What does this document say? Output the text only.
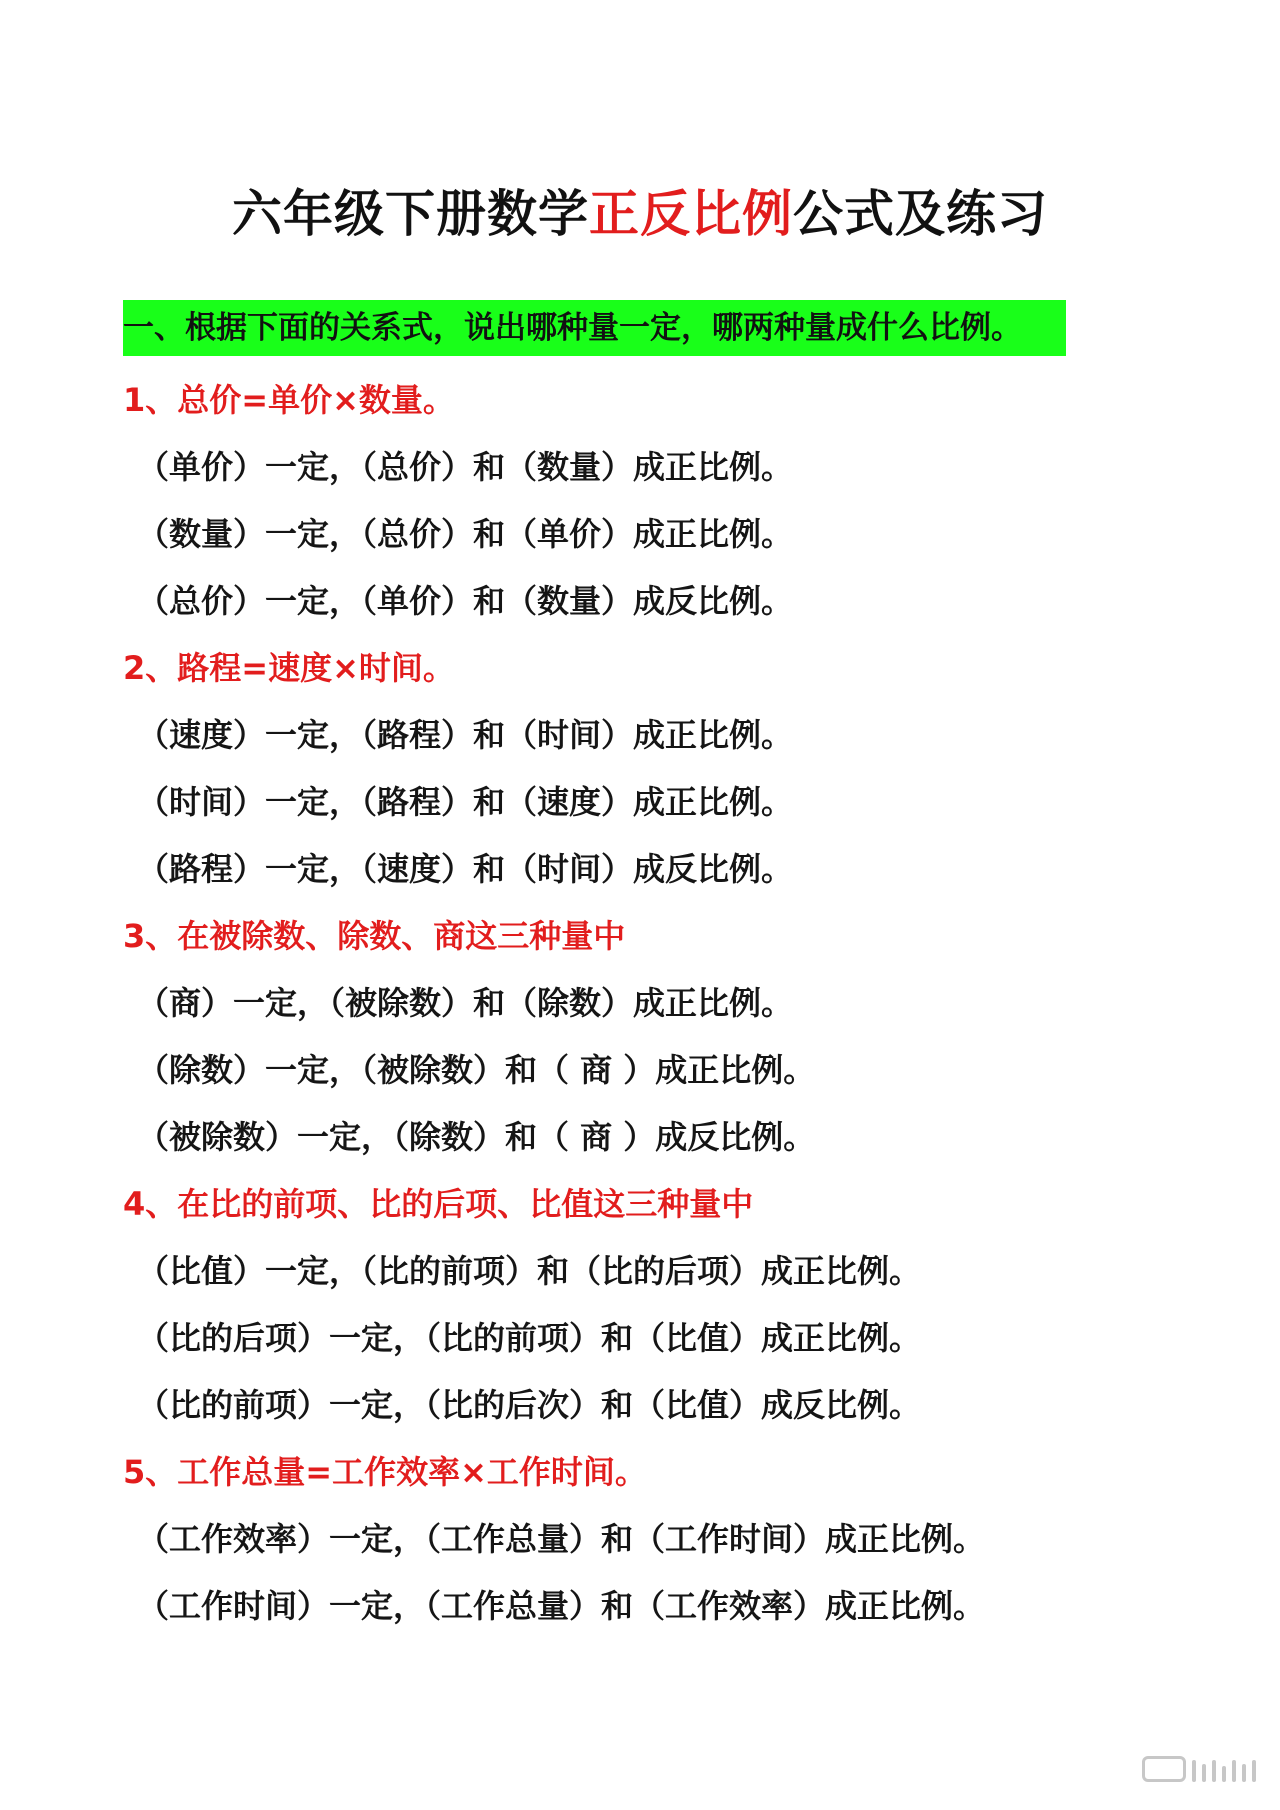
六年级下册数学正反比例公式及练习
一、根据下面的关系式，说出哪种量一定，哪两种量成什么比例。
1、总价=单价×数量。
（单价）一定，（总价）和（数量）成正比例。
（数量）一定，（总价）和（单价）成正比例。
（总价）一定，（单价）和（数量）成反比例。
2、路程=速度×时间。
（速度）一定，（路程）和（时间）成正比例。
（时间）一定，（路程）和（速度）成正比例。
（路程）一定，（速度）和（时间）成反比例。
3、在被除数、除数、商这三种量中
（商）一定，（被除数）和（除数）成正比例。
（除数）一定，（被除数）和（ 商 ）成正比例。
（被除数）一定，（除数）和（ 商 ）成反比例。
4、在比的前项、比的后项、比值这三种量中
（比值）一定，（比的前项）和（比的后项）成正比例。
（比的后项）一定，（比的前项）和（比值）成正比例。
（比的前项）一定，（比的后次）和（比值）成反比例。
5、工作总量=工作效率×工作时间。
（工作效率）一定，（工作总量）和（工作时间）成正比例。
（工作时间）一定，（工作总量）和（工作效率）成正比例。
